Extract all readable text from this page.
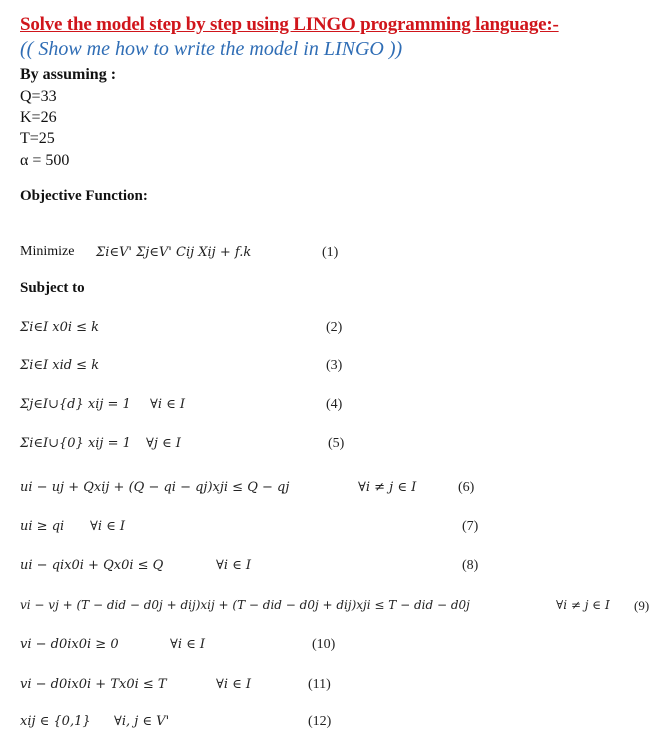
Solve the model step by step using LINGO programming language:-
(( Show me how to write the model in LINGO ))
By assuming :
Q=33
K=26
T=25
α = 500
Objective Function:
Minimize Σi∈V' Σj∈V' Cij Xij + f.k	(1)
Subject to
Σi∈I x0i ≤ k	(2)
Σi∈I xid ≤ k	(3)
Σj∈I∪{d} xij = 1 ∀i ∈ I	(4)
Σi∈I∪{0} xij = 1 ∀j ∈ I	(5)
ui − uj + Qxij + (Q − qi − qj)xji ≤ Q − qj	∀i ≠ j ∈ I	(6)
ui ≥ qi ∀i ∈ I	(7)
ui − qix0i + Qx0i ≤ Q	∀i ∈ I	(8)
vi − vj + (T − did − d0j + dij)xij + (T − did − d0j + dij)xji ≤ T − did − d0j	∀i ≠ j ∈ I (9)
vi − d0ix0i ≥ 0	∀i ∈ I	(10)
vi − d0ix0i + Tx0i ≤ T	∀i ∈ I	(11)
xij ∈ {0,1} ∀i, j ∈ V'	(12)
